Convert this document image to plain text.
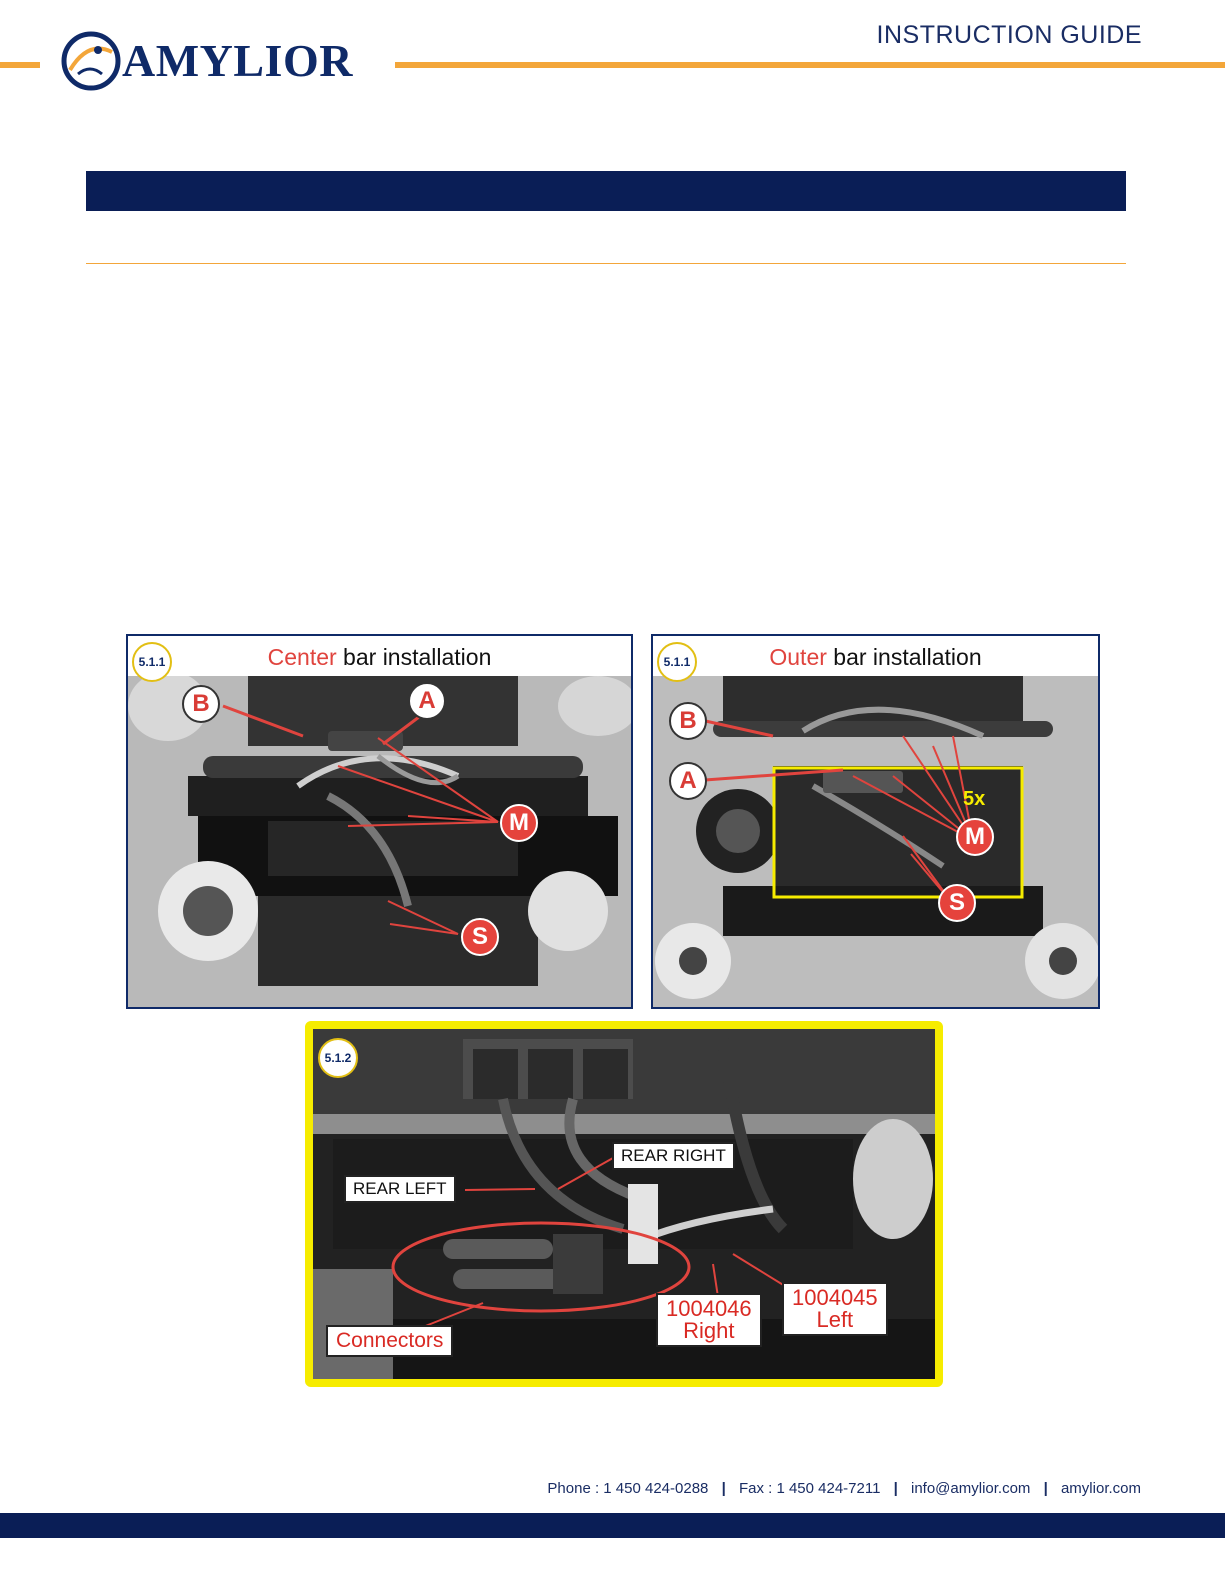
AMYLIOR	INSTRUCTION GUIDE
Center bar installation
5.1.1
B	A
M
S
Outer bar installation
5.1.1
B
A
5x
M
S
5.1.2
REAR LEFT
REAR RIGHT
Connectors
1004046
Right
1004045
Left
Phone : 1 450 424-0288 | Fax : 1 450 424-7211 | info@amylior.com | amylior.com
